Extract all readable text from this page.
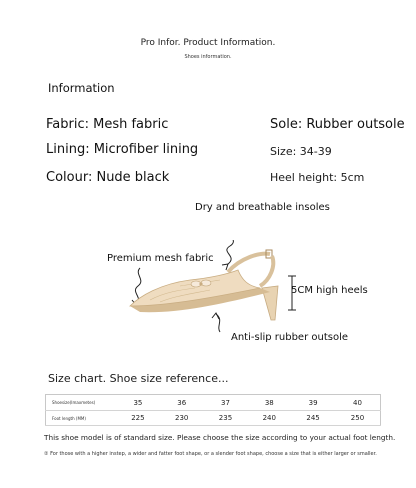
Pro Infor. Product Information.
Shoes information.
Information
Fabric: Mesh fabric
Lining: Microfiber lining
Colour: Nude black
Sole: Rubber outsole
Size: 34-39
Heel height: 5cm
Dry and breathable insoles
Premium mesh fabric
5CM high heels
Anti-slip rubber outsole
Size chart. Shoe size reference...
Shoesize(Imaxmetes)	35	36	37	38	39	40
Foot length (MM)	225	230	235	240	245	250
This shoe model is of standard size. Please choose the size according to your actual foot length.
② For those with a higher instep, a wider and fatter foot shape, or a slender foot shape, choose a size that is either larger or smaller.
